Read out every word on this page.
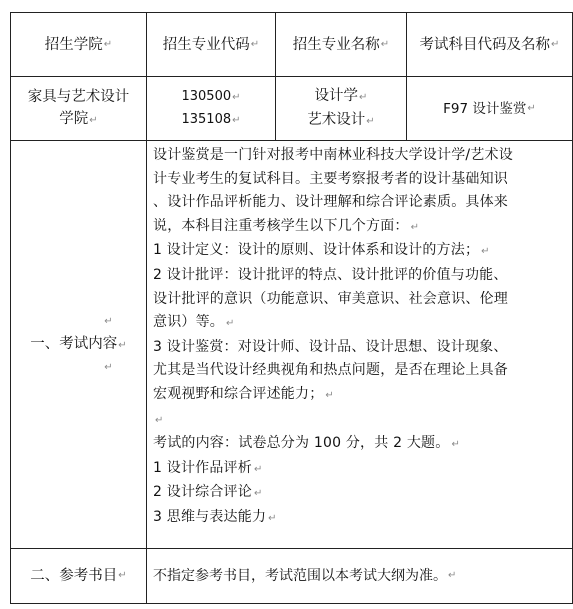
招生学院 ↵	招生专业代码 ↵ 招生专业名称 ↵ 考试科目代码及名称 ↵
家具与艺术设计
学院↵
130500↵
135108↵
设计学↵
艺术设计↵
F97 设计鉴赏 ↵
↵
一、考试内容↵
↵

设计鉴赏是一门针对报考中南林业科技大学设计学/艺术设

计专业考生的复试科目。主要考察报考者的设计基础知识

、设计作品评析能力、设计理解和综合评论素质。具体来

说，本科目注重考核学生以下几个方面： ↵

1 设计定义：设计的原则、设计体系和设计的方法； ↵

2 设计批评：设计批评的特点、设计批评的价值与功能、

设计批评的意识（功能意识、审美意识、社会意识、伦理

意识）等。 ↵

3 设计鉴赏：对设计师、设计品、设计思想、设计现象、

尤其是当代设计经典视角和热点问题，是否在理论上具备

宏观视野和综合评述能力； ↵

↵

考试的内容：试卷总分为 100 分，共 2 大题。 ↵

1 设计作品评析 ↵

2 设计综合评论 ↵

3 思维与表达能力 ↵

二、参考书目 ↵ 不指定参考书目，考试范围以本考试大纲为准。 ↵
